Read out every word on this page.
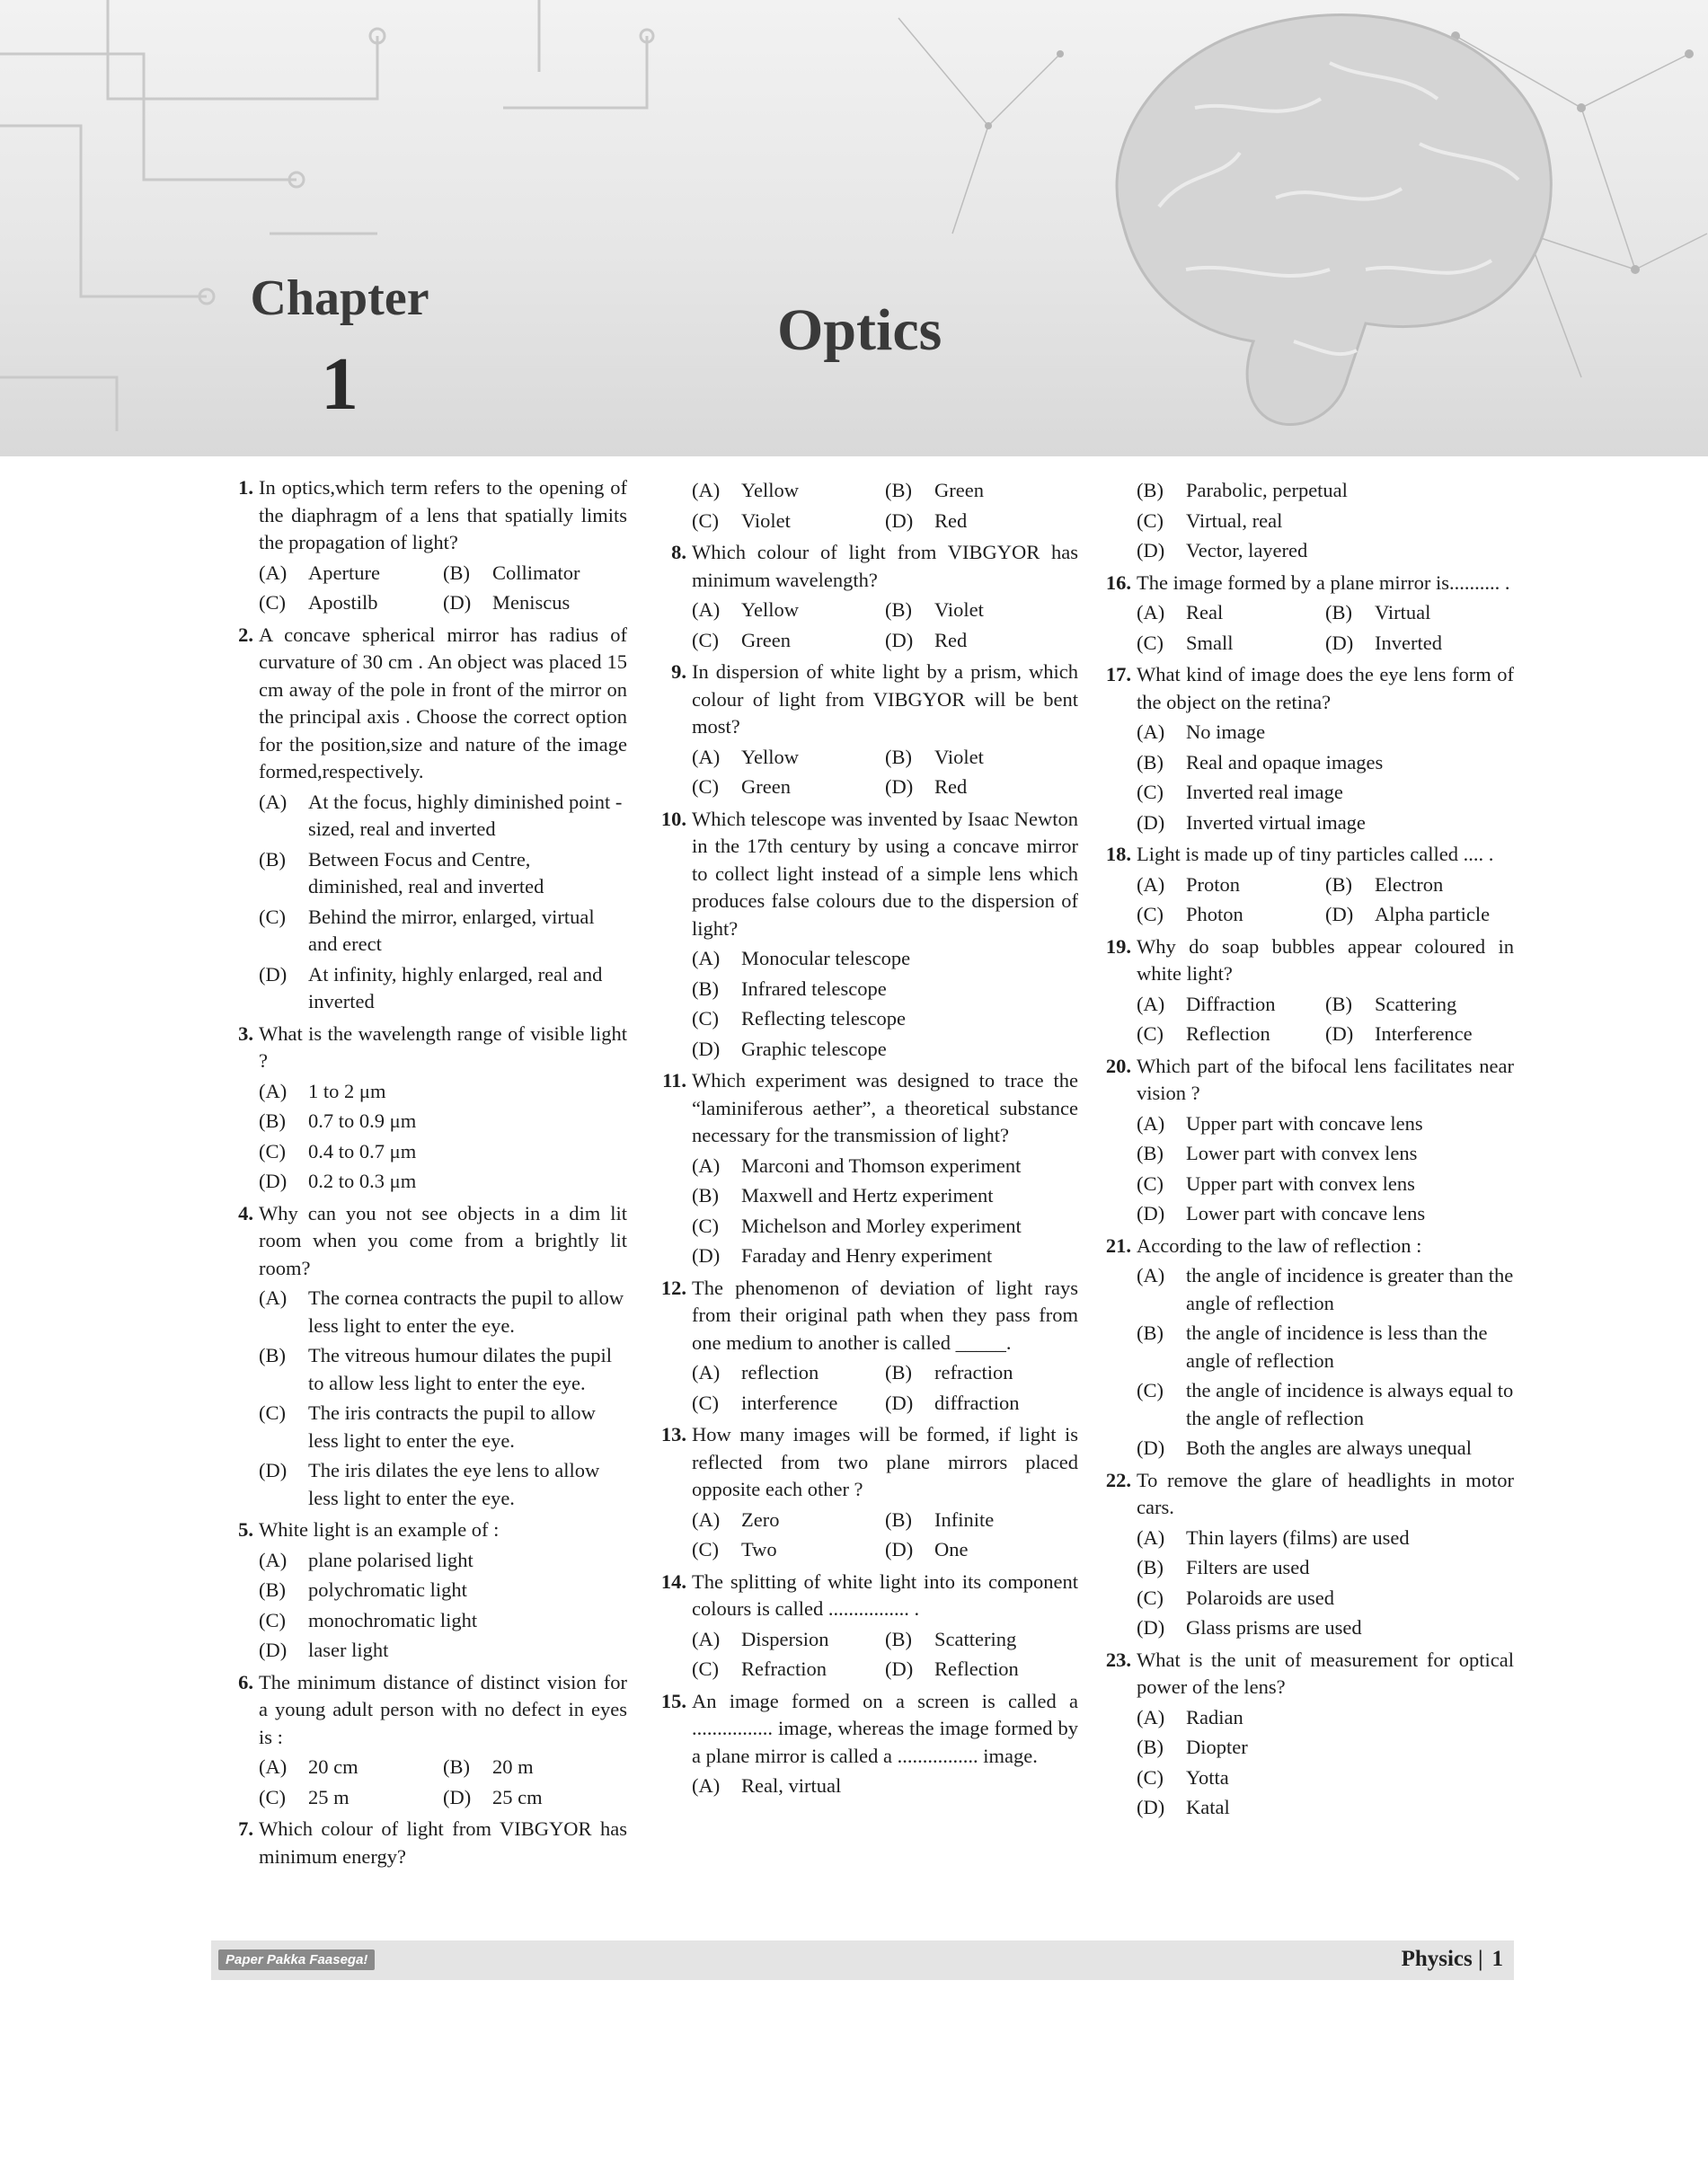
Chapter
1
Optics
1. In optics,which term refers to the opening of the diaphragm of a lens that spatially limits the propagation of light?
(A)	Aperture	(B)	Collimator
(C)	Apostilb	(D)	Meniscus
2. A concave spherical mirror has radius of curvature of 30 cm . An object was placed 15 cm away of the pole in front of the mirror on the principal axis . Choose the correct option for the position,size and nature of the image formed,respectively.
(A)	At the focus, highly diminished point - sized, real and inverted
(B)	Between Focus and Centre, diminished, real and inverted
(C)	Behind the mirror, enlarged, virtual and erect
(D)	At infinity, highly enlarged, real and inverted
3. What is the wavelength range of visible light ?
(A)	1 to 2 μm
(B)	0.7 to 0.9 μm
(C)	0.4 to 0.7 μm
(D)	0.2 to 0.3 μm
4. Why can you not see objects in a dim lit room when you come from a brightly lit room?
(A)	The cornea contracts the pupil to allow less light to enter the eye.
(B)	The vitreous humour dilates the pupil to allow less light to enter the eye.
(C)	The iris contracts the pupil to allow less light to enter the eye.
(D)	The iris dilates the eye lens to allow less light to enter the eye.
5. White light is an example of :
(A)	plane polarised light
(B)	polychromatic light
(C)	monochromatic light
(D)	laser light
6. The minimum distance of distinct vision for a young adult person with no defect in eyes is :
(A)	20 cm	(B)	20 m
(C)	25 m	(D)	25 cm
7. Which colour of light from VIBGYOR has minimum energy?
(A)	Yellow	(B)	Green
(C)	Violet	(D)	Red
8. Which colour of light from VIBGYOR has minimum wavelength?
(A)	Yellow	(B)	Violet
(C)	Green	(D)	Red
9. In dispersion of white light by a prism, which colour of light from VIBGYOR will be bent most?
(A)	Yellow	(B)	Violet
(C)	Green	(D)	Red
10. Which telescope was invented by Isaac Newton in the 17th century by using a concave mirror to collect light instead of a simple lens which produces false colours due to the dispersion of light?
(A)	Monocular telescope
(B)	Infrared telescope
(C)	Reflecting telescope
(D)	Graphic telescope
11. Which experiment was designed to trace the “laminiferous aether”, a theoretical substance necessary for the transmission of light?
(A)	Marconi and Thomson experiment
(B)	Maxwell and Hertz experiment
(C)	Michelson and Morley experiment
(D)	Faraday and Henry experiment
12. The phenomenon of deviation of light rays from their original path when they pass from one medium to another is called _____.
(A)	reflection	(B)	refraction
(C)	interference	(D)	diffraction
13. How many images will be formed, if light is reflected from two plane mirrors placed opposite each other ?
(A)	Zero	(B)	Infinite
(C)	Two	(D)	One
14. The splitting of white light into its component colours is called ................ .
(A)	Dispersion	(B)	Scattering
(C)	Refraction	(D)	Reflection
15. An image formed on a screen is called a ................ image, whereas the image formed by a plane mirror is called a ................ image.
(A)	Real, virtual
(B)	Parabolic, perpetual
(C)	Virtual, real
(D)	Vector, layered
16. The image formed by a plane mirror is.......... .
(A)	Real	(B)	Virtual
(C)	Small	(D)	Inverted
17. What kind of image does the eye lens form of the object on the retina?
(A)	No image
(B)	Real and opaque images
(C)	Inverted real image
(D)	Inverted virtual image
18. Light is made up of tiny particles called .... .
(A)	Proton	(B)	Electron
(C)	Photon	(D)	Alpha particle
19. Why do soap bubbles appear coloured in white light?
(A)	Diffraction	(B)	Scattering
(C)	Reflection	(D)	Interference
20. Which part of the bifocal lens facilitates near vision ?
(A)	Upper part with concave lens
(B)	Lower part with convex lens
(C)	Upper part with convex lens
(D)	Lower part with concave lens
21. According to the law of reflection :
(A)	the angle of incidence is greater than the angle of reflection
(B)	the angle of incidence is less than the angle of reflection
(C)	the angle of incidence is always equal to the angle of reflection
(D)	Both the angles are always unequal
22. To remove the glare of headlights in motor cars.
(A)	Thin layers (films) are used
(B)	Filters are used
(C)	Polaroids are used
(D)	Glass prisms are used
23. What is the unit of measurement for optical power of the lens?
(A)	Radian
(B)	Diopter
(C)	Yotta
(D)	Katal
Paper Pakka Faasega!	Physics | 1
